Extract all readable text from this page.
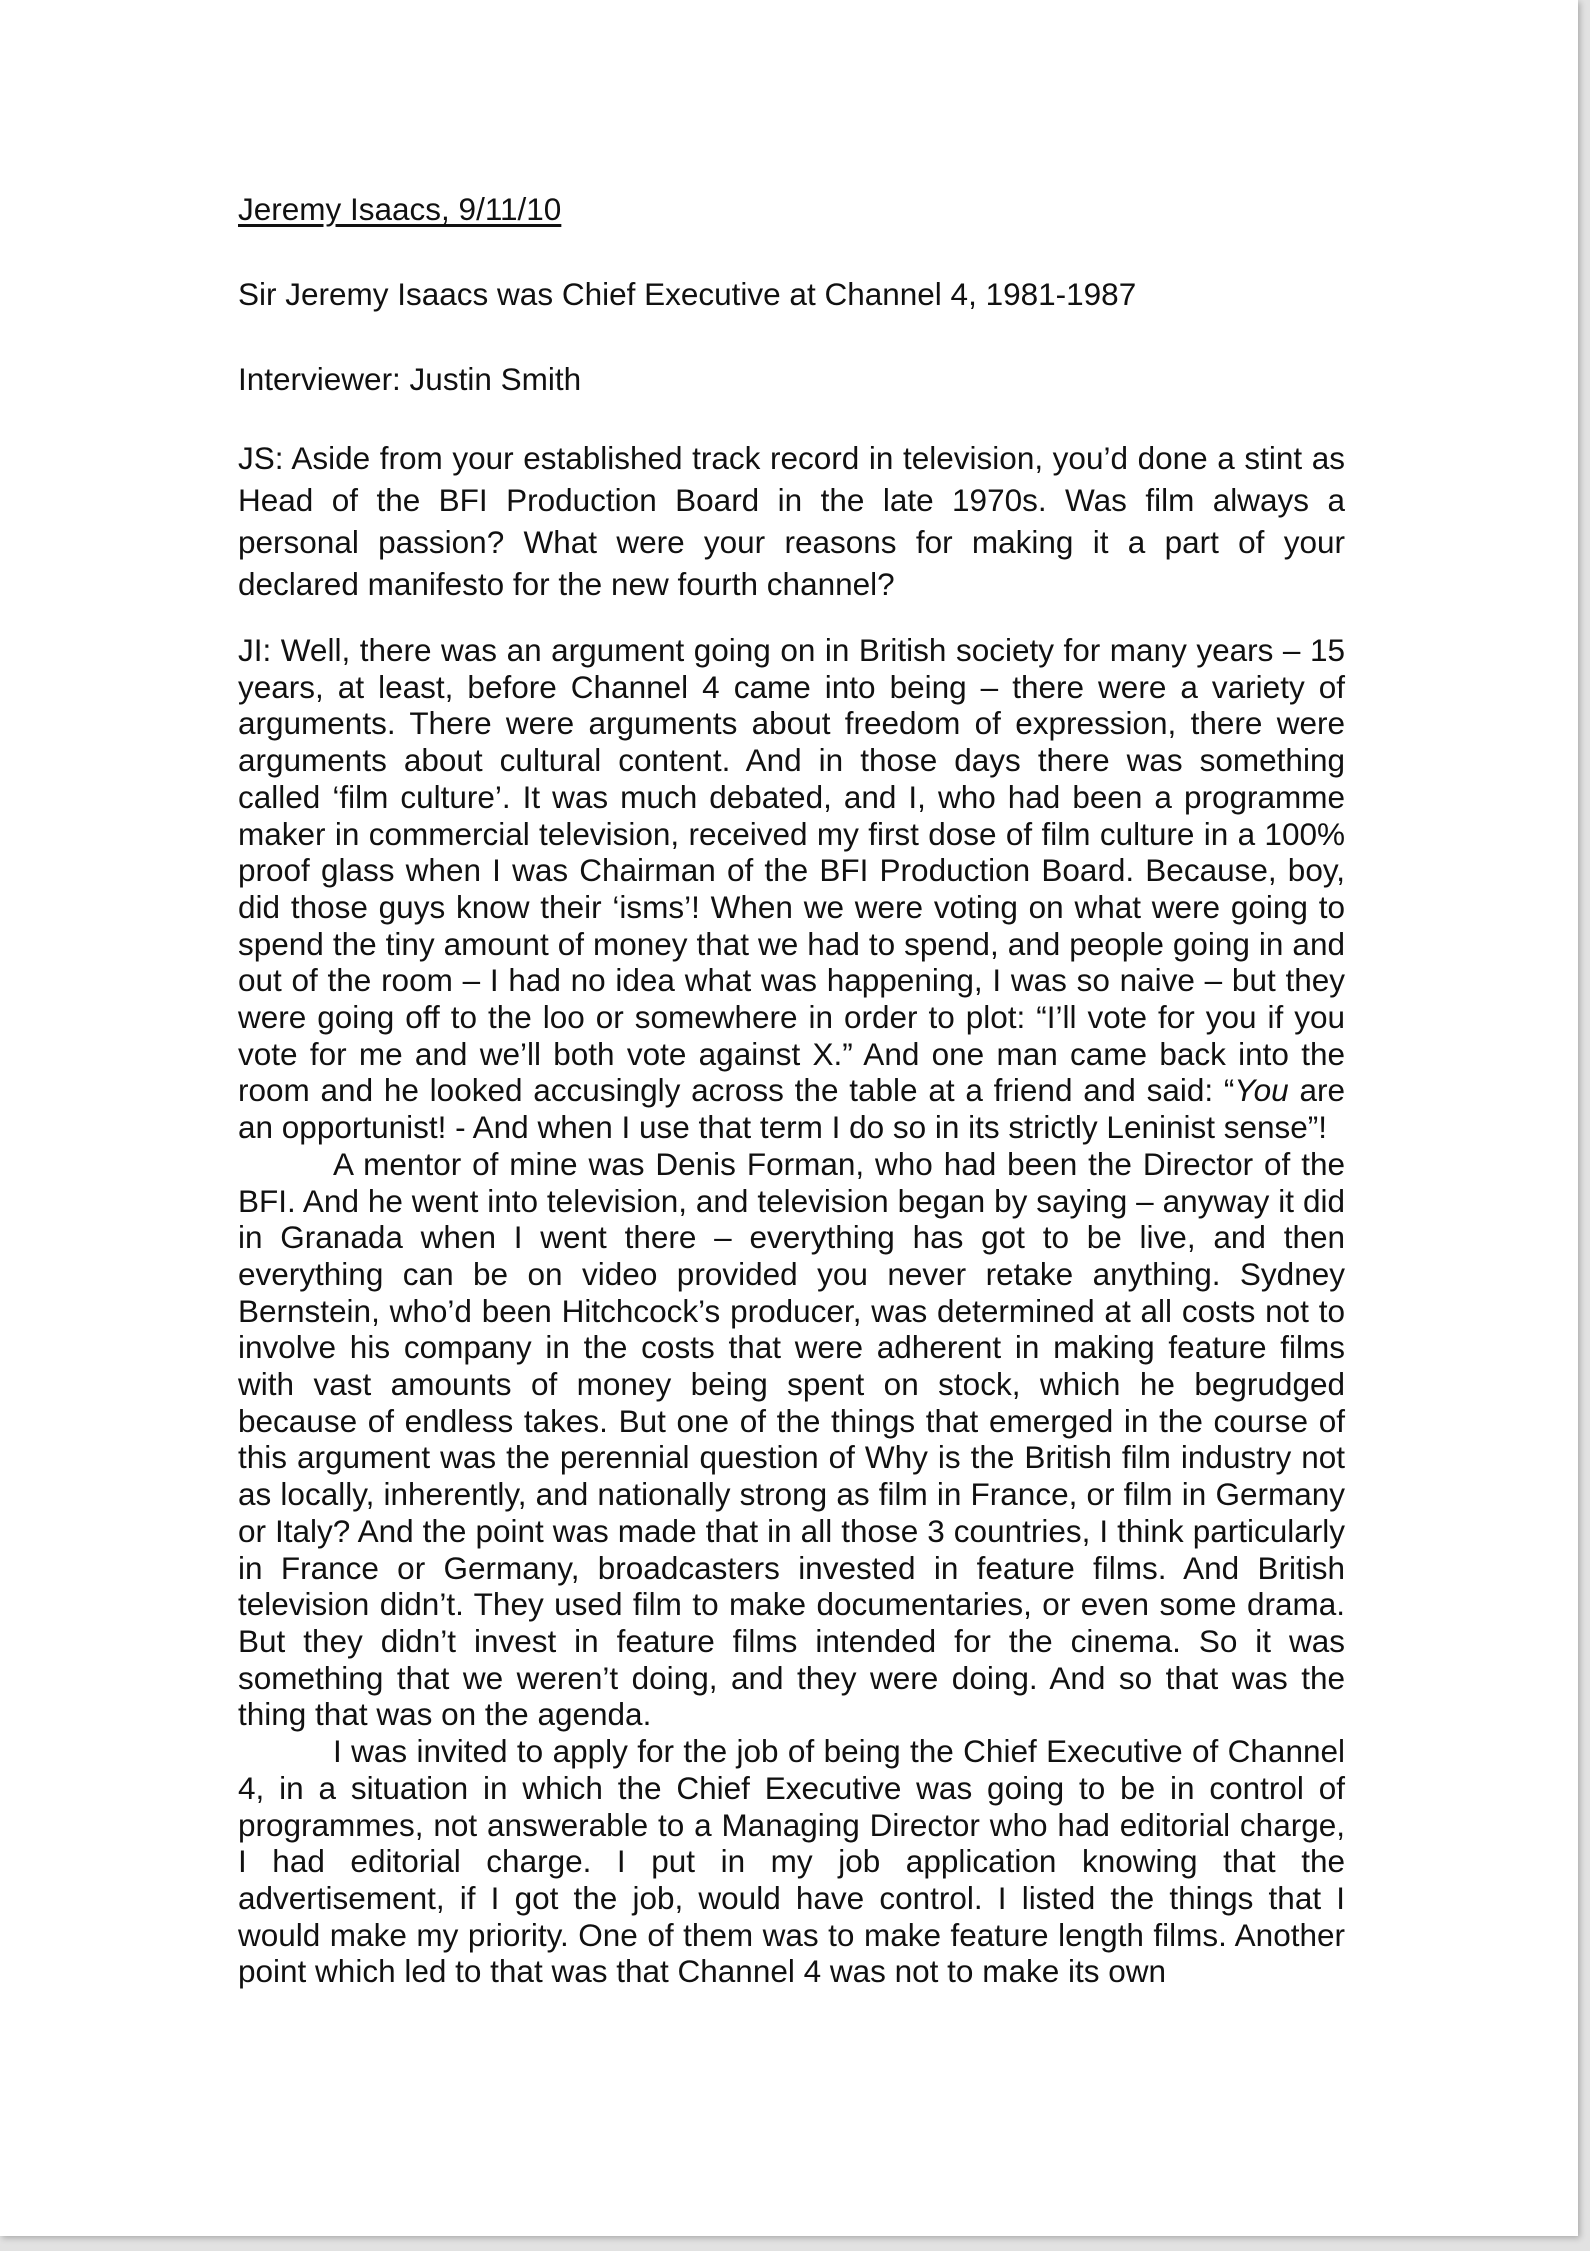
Jeremy Isaacs, 9/11/10

Sir Jeremy Isaacs was Chief Executive at Channel 4, 1981-1987

Interviewer: Justin Smith

JS: Aside from your established track record in television, you’d done a stint as Head of the BFI Production Board in the late 1970s. Was film always a personal passion? What were your reasons for making it a part of your declared manifesto for the new fourth channel?

JI: Well, there was an argument going on in British society for many years – 15 years, at least, before Channel 4 came into being – there were a variety of arguments. There were arguments about freedom of expression, there were arguments about cultural content. And in those days there was something called ‘film culture’. It was much debated, and I, who had been a programme maker in commercial television, received my first dose of film culture in a 100% proof glass when I was Chairman of the BFI Production Board. Because, boy, did those guys know their ‘isms’! When we were voting on what were going to spend the tiny amount of money that we had to spend, and people going in and out of the room – I had no idea what was happening, I was so naive – but they were going off to the loo or somewhere in order to plot: “I’ll vote for you if you vote for me and we’ll both vote against X.” And one man came back into the room and he looked accusingly across the table at a friend and said: “You are an opportunist! - And when I use that term I do so in its strictly Leninist sense”!

A mentor of mine was Denis Forman, who had been the Director of the BFI. And he went into television, and television began by saying – anyway it did in Granada when I went there – everything has got to be live, and then everything can be on video provided you never retake anything. Sydney Bernstein, who’d been Hitchcock’s producer, was determined at all costs not to involve his company in the costs that were adherent in making feature films with vast amounts of money being spent on stock, which he begrudged because of endless takes. But one of the things that emerged in the course of this argument was the perennial question of Why is the British film industry not as locally, inherently, and nationally strong as film in France, or film in Germany or Italy? And the point was made that in all those 3 countries, I think particularly in France or Germany, broadcasters invested in feature films. And British television didn’t. They used film to make documentaries, or even some drama. But they didn’t invest in feature films intended for the cinema. So it was something that we weren’t doing, and they were doing. And so that was the thing that was on the agenda.

I was invited to apply for the job of being the Chief Executive of Channel 4, in a situation in which the Chief Executive was going to be in control of programmes, not answerable to a Managing Director who had editorial charge, I had editorial charge. I put in my job application knowing that the advertisement, if I got the job, would have control. I listed the things that I would make my priority. One of them was to make feature length films. Another point which led to that was that Channel 4 was not to make its own
